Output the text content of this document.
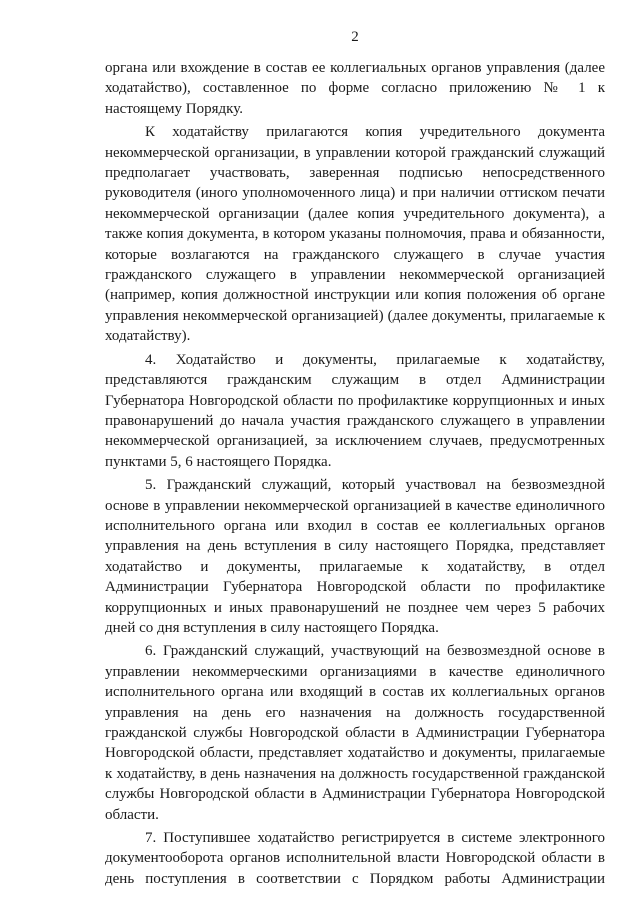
2

органа или вхождение в состав ее коллегиальных органов управления (далее ходатайство), составленное по форме согласно приложению № 1 к настоящему Порядку.

К ходатайству прилагаются копия учредительного документа некоммерческой организации, в управлении которой гражданский служащий предполагает участвовать, заверенная подписью непосредственного руководителя (иного уполномоченного лица) и при наличии оттиском печати некоммерческой организации (далее копия учредительного документа), а также копия документа, в котором указаны полномочия, права и обязанности, которые возлагаются на гражданского служащего в случае участия гражданского служащего в управлении некоммерческой организацией (например, копия должностной инструкции или копия положения об органе управления некоммерческой организацией) (далее документы, прилагаемые к ходатайству).

4. Ходатайство и документы, прилагаемые к ходатайству, представляются гражданским служащим в отдел Администрации Губернатора Новгородской области по профилактике коррупционных и иных правонарушений до начала участия гражданского служащего в управлении некоммерческой организацией, за исключением случаев, предусмотренных пунктами 5, 6 настоящего Порядка.

5. Гражданский служащий, который участвовал на безвозмездной основе в управлении некоммерческой организацией в качестве единоличного исполнительного органа или входил в состав ее коллегиальных органов управления на день вступления в силу настоящего Порядка, представляет ходатайство и документы, прилагаемые к ходатайству, в отдел Администрации Губернатора Новгородской области по профилактике коррупционных и иных правонарушений не позднее чем через 5 рабочих дней со дня вступления в силу настоящего Порядка.

6. Гражданский служащий, участвующий на безвозмездной основе в управлении некоммерческими организациями в качестве единоличного исполнительного органа или входящий в состав их коллегиальных органов управления на день его назначения на должность государственной гражданской службы Новгородской области в Администрации Губернатора Новгородской области, представляет ходатайство и документы, прилагаемые к ходатайству, в день назначения на должность государственной гражданской службы Новгородской области в Администрации Губернатора Новгородской области.

7. Поступившее ходатайство регистрируется в системе электронного документооборота органов исполнительной власти Новгородской области в день поступления в соответствии с Порядком работы Администрации
